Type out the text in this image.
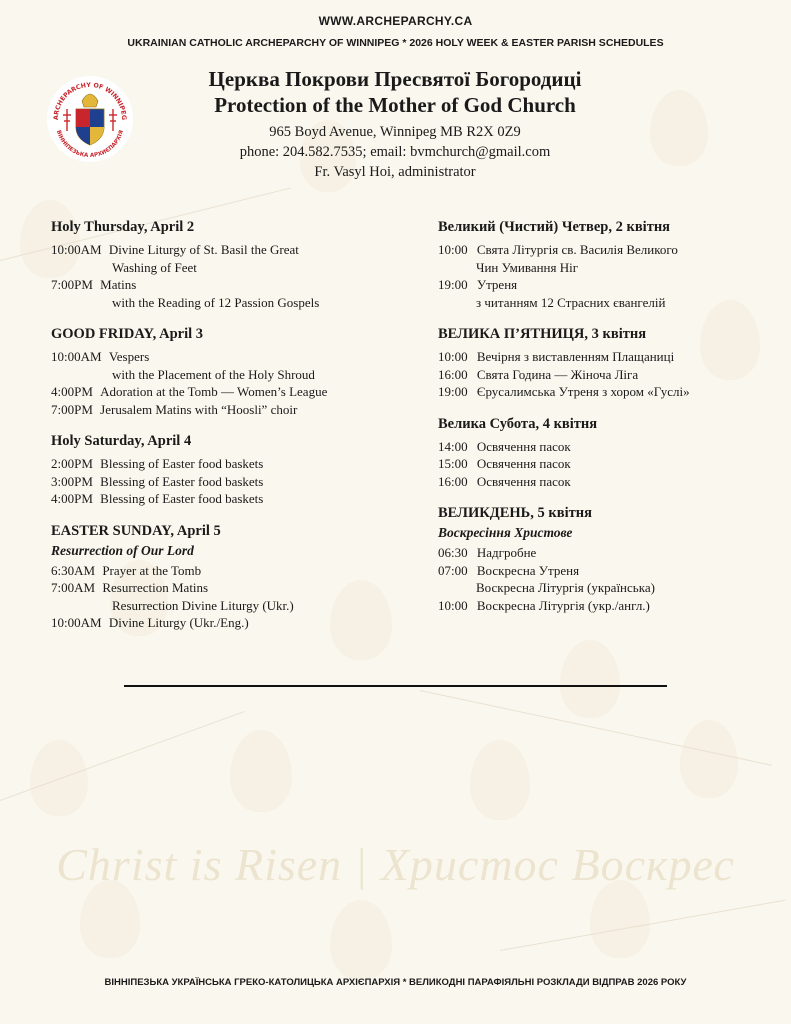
WWW.ARCHEPARCHY.CA
UKRAINIAN CATHOLIC ARCHEPARCHY OF WINNIPEG * 2026 HOLY WEEK & EASTER PARISH SCHEDULES
ARCHEPARCHY OF WINNIPEG
ВІННІПЕЗЬКА АРХИЄПАРХІЯ
Церква Покрови Пресвятої Богородиці
Protection of the Mother of God Church
965 Boyd Avenue, Winnipeg MB R2X 0Z9
phone: 204.582.7535; email: bvmchurch@gmail.com
Fr. Vasyl Hoi, administrator
Holy Thursday, April 2
10:00AM Divine Liturgy of St. Basil the Great
Washing of Feet
7:00PM Matins
with the Reading of 12 Passion Gospels
GOOD FRIDAY, April 3
10:00AM Vespers
with the Placement of the Holy Shroud
4:00PM Adoration at the Tomb — Women’s League
7:00PM Jerusalem Matins with “Hoosli” choir
Holy Saturday, April 4
2:00PM Blessing of Easter food baskets
3:00PM Blessing of Easter food baskets
4:00PM Blessing of Easter food baskets
EASTER SUNDAY, April 5
Resurrection of Our Lord
6:30AM Prayer at the Tomb
7:00AM Resurrection Matins
Resurrection Divine Liturgy (Ukr.)
10:00AM Divine Liturgy (Ukr./Eng.)
Великий (Чистий) Четвер, 2 квітня
10:00 Свята Літургія св. Василія Великого
Чин Умивання Ніг
19:00 Утреня
з читанням 12 Страсних євангелій
ВЕЛИКА П’ЯТНИЦЯ, 3 квітня
10:00 Вечірня з виставленням Плащаниці
16:00 Свята Година — Жіноча Ліга
19:00 Єрусалимська Утреня з хором «Гуслі»
Велика Субота, 4 квітня
14:00 Освячення пасок
15:00 Освячення пасок
16:00 Освячення пасок
ВЕЛИКДЕНЬ, 5 квітня
Воскресіння Христове
06:30 Надгробне
07:00 Воскресна Утреня
Воскресна Літургія (українська)
10:00 Воскресна Літургія (укр./англ.)
Christ is Risen | Христос Воскрес
ВІННІПЕЗЬКА УКРАЇНСЬКА ГРЕКО-КАТОЛИЦЬКА АРХІЄПАРХІЯ * ВЕЛИКОДНІ ПАРАФІЯЛЬНІ РОЗКЛАДИ ВІДПРАВ 2026 РОКУ
